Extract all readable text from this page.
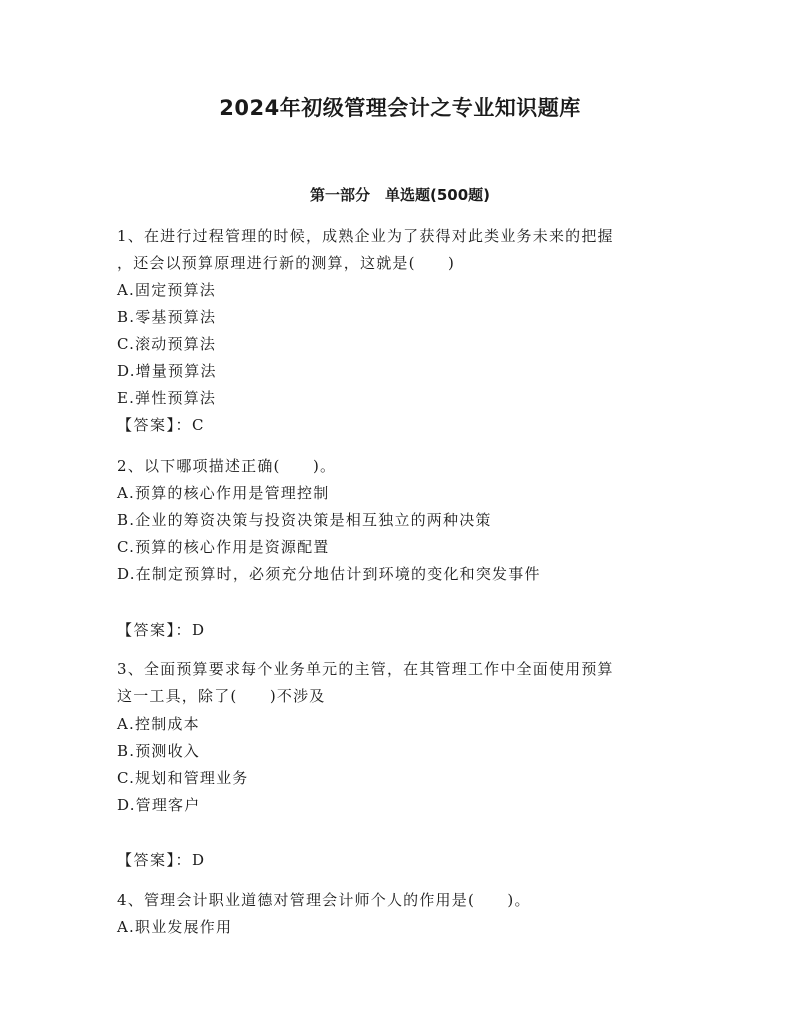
2024年初级管理会计之专业知识题库
第一部分　单选题(500题)
1、在进行过程管理的时候，成熟企业为了获得对此类业务未来的把握
，还会以预算原理进行新的测算，这就是(　　)
A.固定预算法
B.零基预算法
C.滚动预算法
D.增量预算法
E.弹性预算法
【答案】：C
2、以下哪项描述正确(　　)。
A.预算的核心作用是管理控制
B.企业的筹资决策与投资决策是相互独立的两种决策
C.预算的核心作用是资源配置
D.在制定预算时，必须充分地估计到环境的变化和突发事件
【答案】：D
3、全面预算要求每个业务单元的主管，在其管理工作中全面使用预算
这一工具，除了(　　)不涉及
A.控制成本
B.预测收入
C.规划和管理业务
D.管理客户
【答案】：D
4、管理会计职业道德对管理会计师个人的作用是(　　)。
A.职业发展作用
